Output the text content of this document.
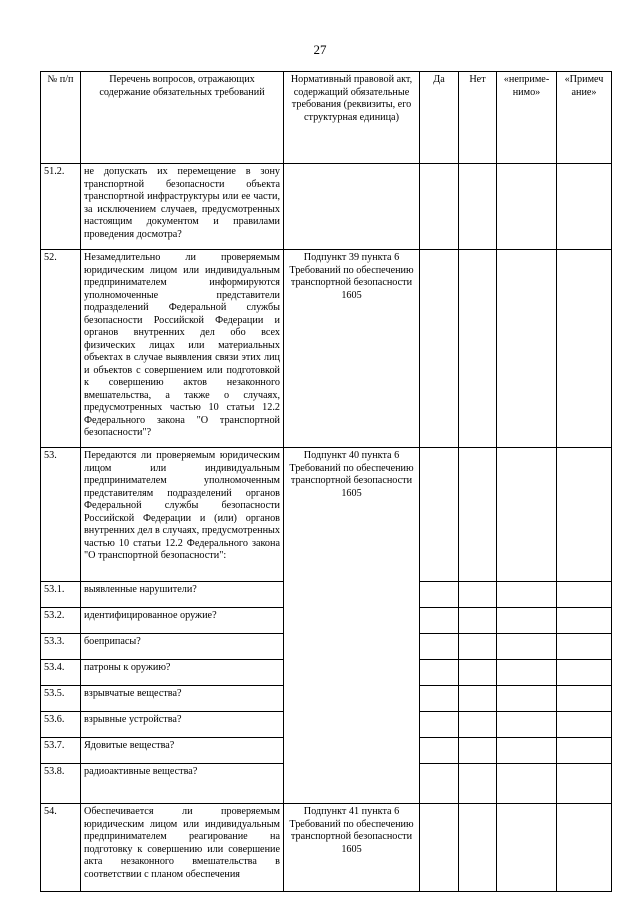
27
№ п/п	Перечень вопросов, отражающих содержание обязательных требований	Нормативный правовой акт, содержащий обязательные требования (реквизиты, его структурная единица)	Да	Нет	«неприме-нимо»	«Примеч ание»
51.2.	не допускать их перемещение в зону транспортной безопасности объекта транспортной инфраструктуры или ее части, за исключением случаев, предусмотренных настоящим документом и правилами проведения досмотра?					
52.	Незамедлительно ли проверяемым юридическим лицом или индивидуальным предпринимателем информируются уполномоченные представители подразделений Федеральной службы безопасности Российской Федерации и органов внутренних дел обо всех физических лицах или материальных объектах в случае выявления связи этих лиц и объектов с совершением или подготовкой к совершению актов незаконного вмешательства, а также о случаях, предусмотренных частью 10 статьи 12.2 Федерального закона "О транспортной безопасности"?	Подпункт 39 пункта 6 Требований по обеспечению транспортной безопасности 1605				
53.	Передаются ли проверяемым юридическим лицом или индивидуальным предпринимателем уполномоченным представителям подразделений органов Федеральной службы безопасности Российской Федерации и (или) органов внутренних дел в случаях, предусмотренных частью 10 статьи 12.2 Федерального закона "О транспортной безопасности":	Подпункт 40 пункта 6 Требований по обеспечению транспортной безопасности 1605				
53.1.	выявленные нарушители?					
53.2.	идентифицированное оружие?					
53.3.	боеприпасы?					
53.4.	патроны к оружию?					
53.5.	взрывчатые вещества?					
53.6.	взрывные устройства?					
53.7.	Ядовитые вещества?					
53.8.	радиоактивные вещества?					
54.	Обеспечивается ли проверяемым юридическим лицом или индивидуальным предпринимателем реагирование на подготовку к совершению или совершение акта незаконного вмешательства в соответствии с планом обеспечения	Подпункт 41 пункта 6 Требований по обеспечению транспортной безопасности 1605				
